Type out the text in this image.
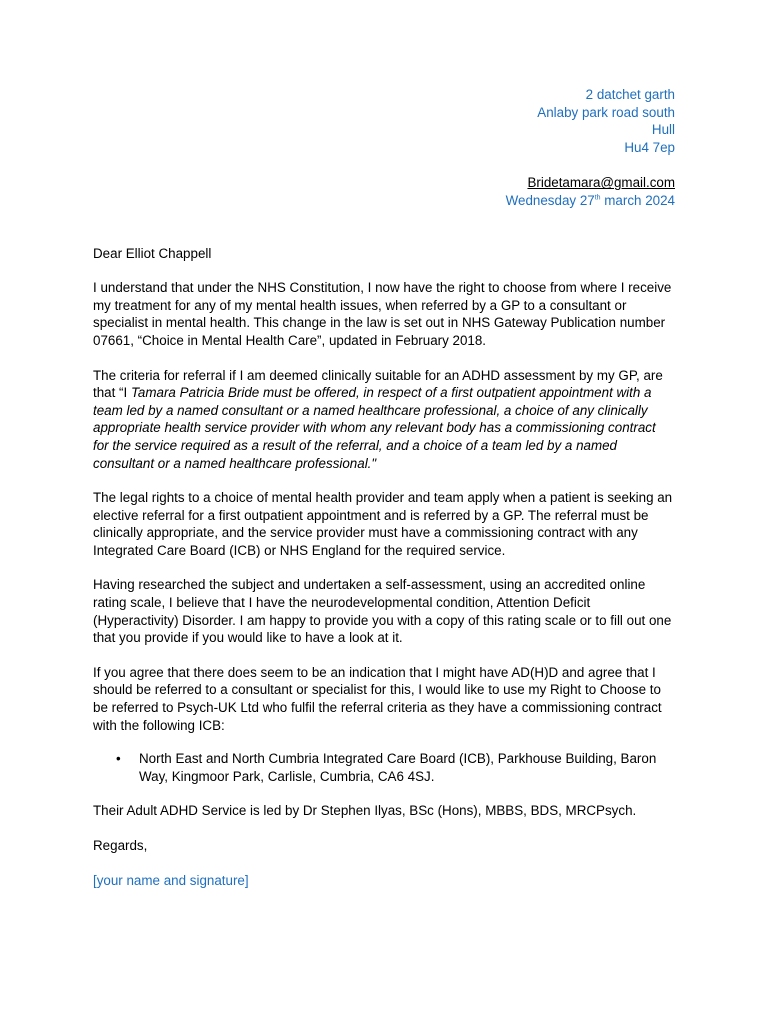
2 datchet garth
Anlaby park road south
Hull
Hu4 7ep
Bridetamara@gmail.com
Wednesday 27th march 2024
Dear Elliot Chappell

I understand that under the NHS Constitution, I now have the right to choose from where I receive my treatment for any of my mental health issues, when referred by a GP to a consultant or specialist in mental health. This change in the law is set out in NHS Gateway Publication number 07661, “Choice in Mental Health Care”, updated in February 2018.

The criteria for referral if I am deemed clinically suitable for an ADHD assessment by my GP, are that “I Tamara Patricia Bride must be offered, in respect of a first outpatient appointment with a team led by a named consultant or a named healthcare professional, a choice of any clinically appropriate health service provider with whom any relevant body has a commissioning contract for the service required as a result of the referral, and a choice of a team led by a named consultant or a named healthcare professional."

The legal rights to a choice of mental health provider and team apply when a patient is seeking an elective referral for a first outpatient appointment and is referred by a GP. The referral must be clinically appropriate, and the service provider must have a commissioning contract with any Integrated Care Board (ICB) or NHS England for the required service.

Having researched the subject and undertaken a self-assessment, using an accredited online rating scale, I believe that I have the neurodevelopmental condition, Attention Deficit (Hyperactivity) Disorder. I am happy to provide you with a copy of this rating scale or to fill out one that you provide if you would like to have a look at it.

If you agree that there does seem to be an indication that I might have AD(H)D and agree that I should be referred to a consultant or specialist for this, I would like to use my Right to Choose to be referred to Psych-UK Ltd who fulfil the referral criteria as they have a commissioning contract with the following ICB:

• North East and North Cumbria Integrated Care Board (ICB), Parkhouse Building, Baron Way, Kingmoor Park, Carlisle, Cumbria, CA6 4SJ.

Their Adult ADHD Service is led by Dr Stephen Ilyas, BSc (Hons), MBBS, BDS, MRCPsych.

Regards,

[your name and signature]
